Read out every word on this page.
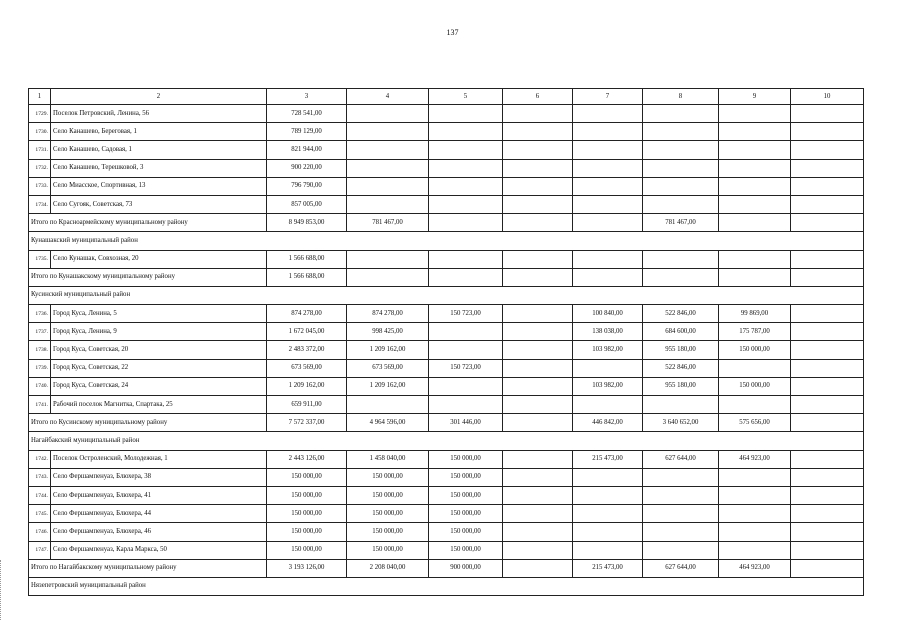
137
1	2	3	4	5	6	7	8	9	10
1729.	Поселок Петровский, Ленина, 56	728 541,00							
1730.	Село Канашево, Береговая, 1	789 129,00							
1731.	Село Канашево, Садовая, 1	821 944,00							
1732.	Село Канашево, Терешковой, 3	900 220,00							
1733.	Село Миасское, Спортивная, 13	796 790,00							
1734.	Село Сугояк, Советская, 73	857 005,00							
Итого по Красноармейскому муниципальному району		8 949 853,00	781 467,00				781 467,00		
Кунашакский муниципальный район									
1735.	Село Кунашак, Совхозная, 20	1 566 688,00							
Итого по Кунашакскому муниципальному району		1 566 688,00							
Кусинский муниципальный район									
1736.	Город Куса, Ленина, 5	874 278,00	874 278,00	150 723,00		100 840,00	522 846,00	99 869,00	
1737.	Город Куса, Ленина, 9	1 672 045,00	998 425,00			138 038,00	684 600,00	175 787,00	
1738.	Город Куса, Советская, 20	2 483 372,00	1 209 162,00			103 982,00	955 180,00	150 000,00	
1739.	Город Куса, Советская, 22	673 569,00	673 569,00	150 723,00			522 846,00		
1740.	Город Куса, Советская, 24	1 209 162,00	1 209 162,00			103 982,00	955 180,00	150 000,00	
1741.	Рабочий поселок Магнитка, Спартака, 25	659 911,00							
Итого по Кусинскому муниципальному району		7 572 337,00	4 964 596,00	301 446,00		446 842,00	3 640 652,00	575 656,00	
Нагайбакский муниципальный район									
1742.	Поселок Остроленский, Молодежная, 1	2 443 126,00	1 458 040,00	150 000,00		215 473,00	627 644,00	464 923,00	
1743.	Село Фершампенуаз, Блюхера, 38	150 000,00	150 000,00	150 000,00					
1744.	Село Фершампенуаз, Блюхера, 41	150 000,00	150 000,00	150 000,00					
1745.	Село Фершампенуаз, Блюхера, 44	150 000,00	150 000,00	150 000,00					
1746.	Село Фершампенуаз, Блюхера, 46	150 000,00	150 000,00	150 000,00					
1747.	Село Фершампенуаз, Карла Маркса, 50	150 000,00	150 000,00	150 000,00					
Итого по Нагайбакскому муниципальному району		3 193 126,00	2 208 040,00	900 000,00		215 473,00	627 644,00	464 923,00	
Нязепетровский муниципальный район									
